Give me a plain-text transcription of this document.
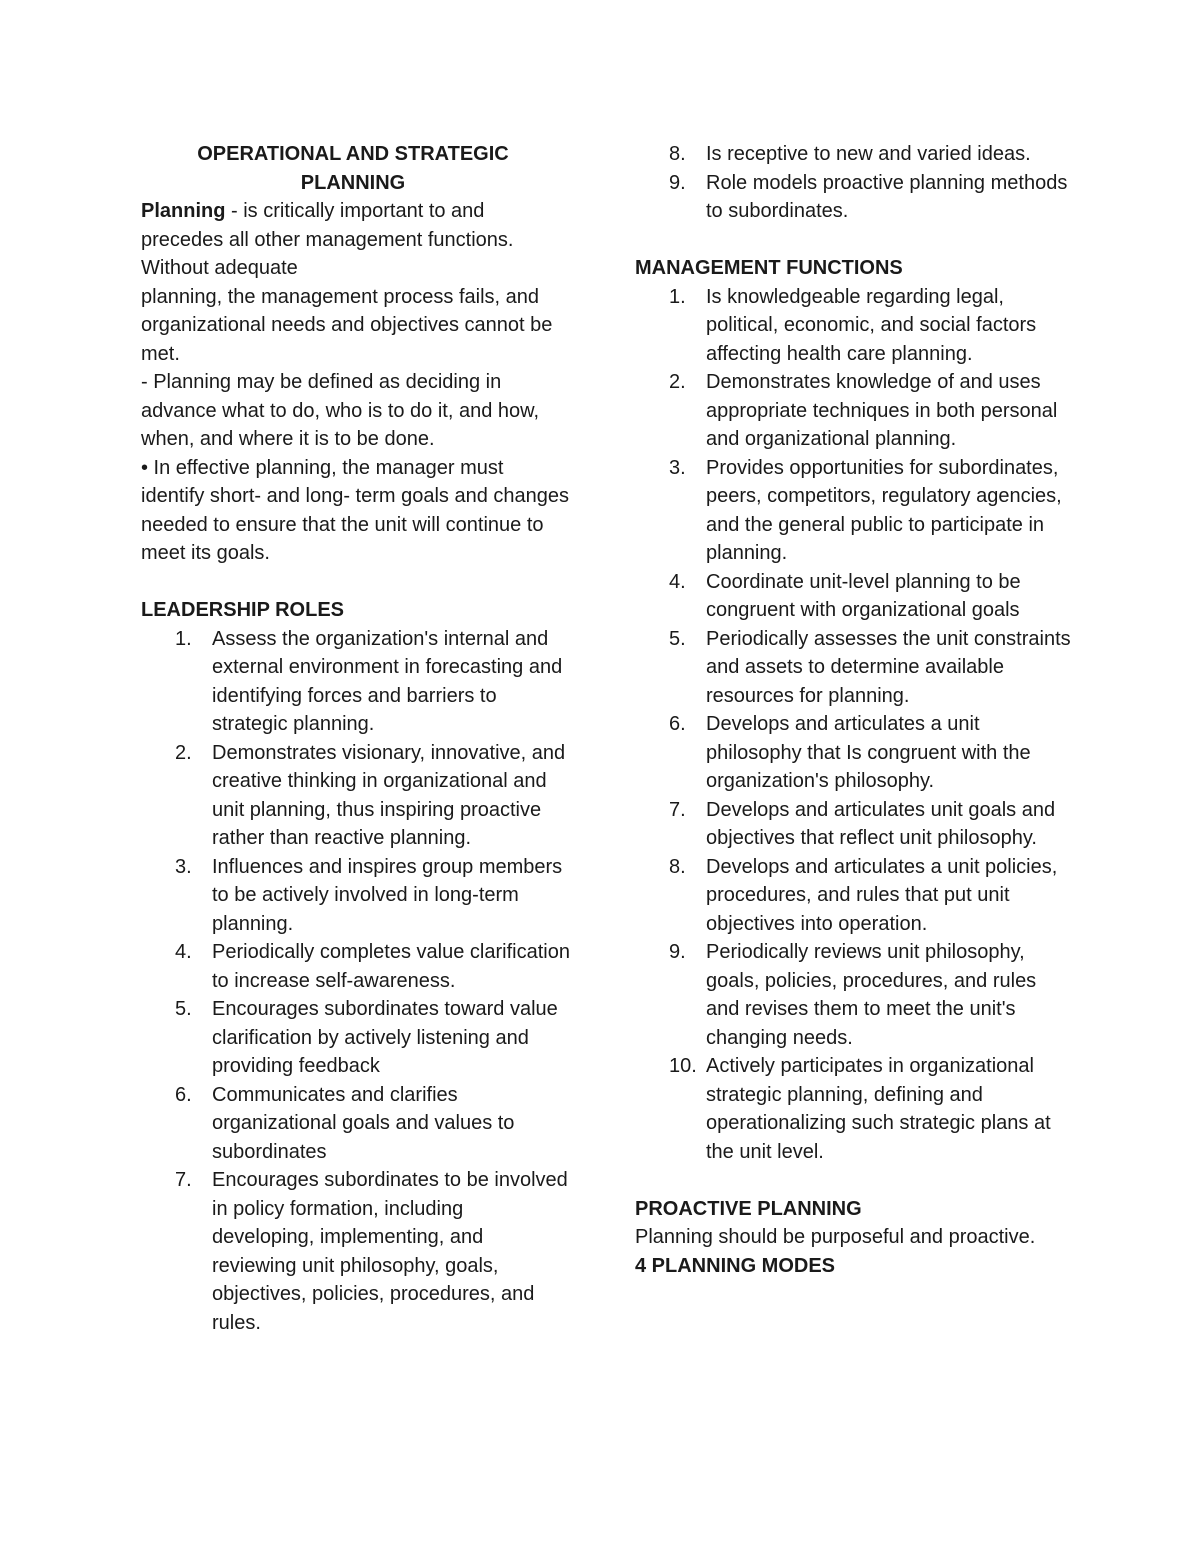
OPERATIONAL AND STRATEGIC
PLANNING

Planning - is critically important to and precedes all other management functions. Without adequate

planning, the management process fails, and organizational needs and objectives cannot be met.

- Planning may be defined as deciding in advance what to do, who is to do it, and how, when, and where it is to be done.

• In effective planning, the manager must identify short- and long- term goals and changes needed to ensure that the unit will continue to meet its goals.

LEADERSHIP ROLES

1. Assess the organization's internal and external environment in forecasting and identifying forces and barriers to strategic planning.
2. Demonstrates visionary, innovative, and creative thinking in organizational and unit planning, thus inspiring proactive rather than reactive planning.
3. Influences and inspires group members to be actively involved in long-term planning.
4. Periodically completes value clarification to increase self-awareness.
5. Encourages subordinates toward value clarification by actively listening and providing feedback
6. Communicates and clarifies organizational goals and values to subordinates
7. Encourages subordinates to be involved in policy formation, including developing, implementing, and reviewing unit philosophy, goals, objectives, policies, procedures, and rules.
8. Is receptive to new and varied ideas.
9. Role models proactive planning methods to subordinates.

MANAGEMENT FUNCTIONS

1. Is knowledgeable regarding legal, political, economic, and social factors affecting health care planning.
2. Demonstrates knowledge of and uses appropriate techniques in both personal and organizational planning.
3. Provides opportunities for subordinates, peers, competitors, regulatory agencies, and the general public to participate in planning.
4. Coordinate unit-level planning to be congruent with organizational goals
5. Periodically assesses the unit constraints and assets to determine available resources for planning.
6. Develops and articulates a unit philosophy that Is congruent with the organization's philosophy.
7. Develops and articulates unit goals and objectives that reflect unit philosophy.
8. Develops and articulates a unit policies, procedures, and rules that put unit objectives into operation.
9. Periodically reviews unit philosophy, goals, policies, procedures, and rules and revises them to meet the unit's changing needs.
10. Actively participates in organizational strategic planning, defining and operationalizing such strategic plans at the unit level.

PROACTIVE PLANNING

Planning should be purposeful and proactive.

4 PLANNING MODES
